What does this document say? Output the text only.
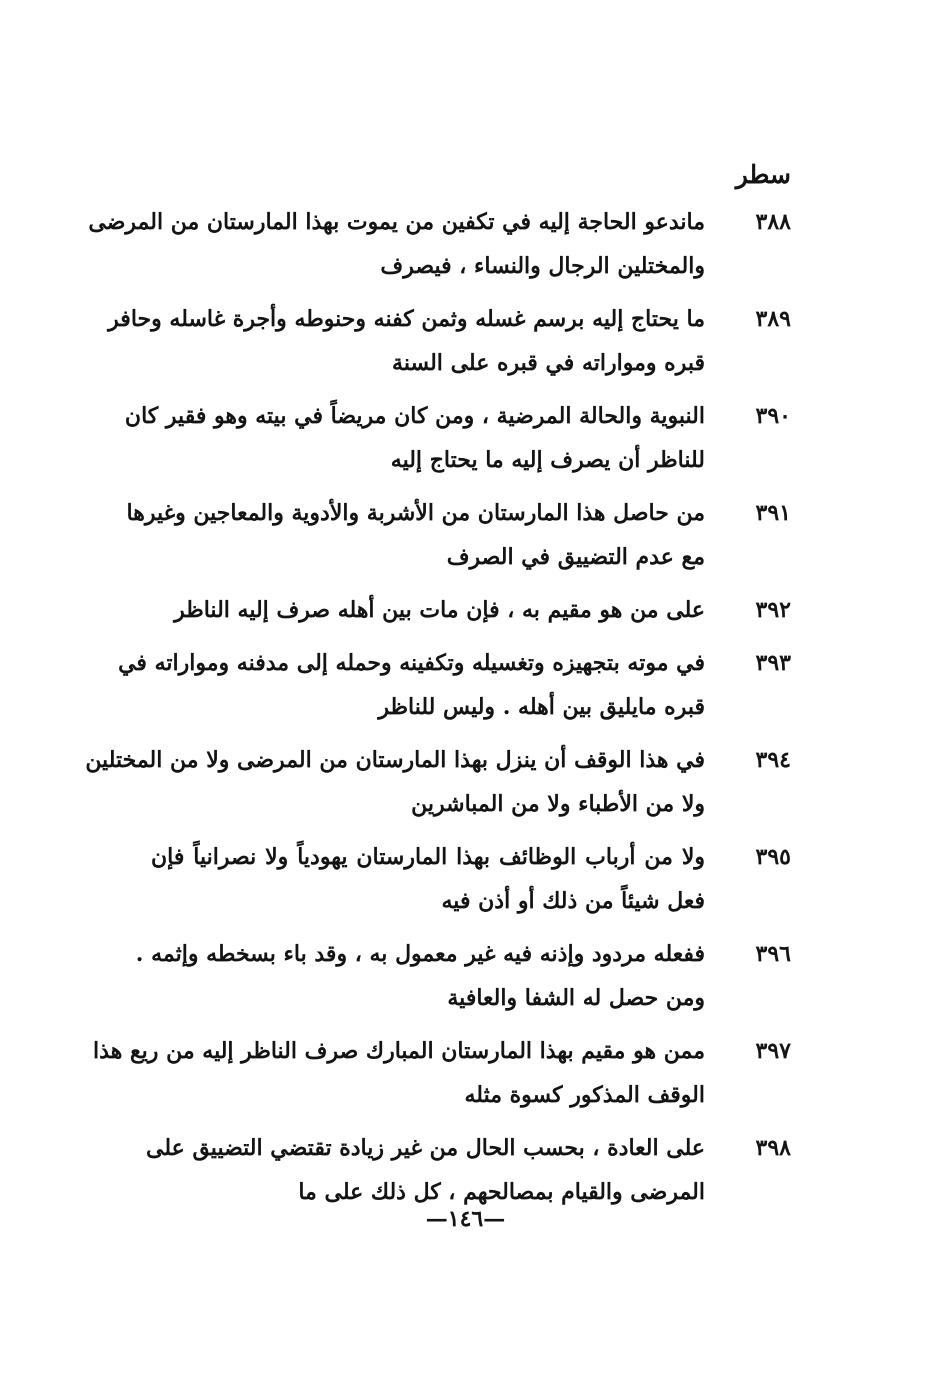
سطر
٣٨٨
ماندعو الحاجة إليه في تكفين من يموت بهذا المارستان من المرضى
والمختلين الرجال والنساء ، فيصرف
٣٨٩
ما يحتاج إليه برسم غسله وثمن كفنه وحنوطه وأجرة غاسله وحافر
قبره ومواراته في قبره على السنة
٣٩٠
النبوية والحالة المرضية ، ومن كان مريضاً في بيته وهو فقير كان
للناظر أن يصرف إليه ما يحتاج إليه
٣٩١
من حاصل هذا المارستان من الأشربة والأدوية والمعاجين وغيرها
مع عدم التضييق في الصرف
٣٩٢
على من هو مقيم به ، فإن مات بين أهله صرف إليه الناظر
٣٩٣
في موته بتجهيزه وتغسيله وتكفينه وحمله إلى مدفنه ومواراته في
قبره مايليق بين أهله . وليس للناظر
٣٩٤
في هذا الوقف أن ينزل بهذا المارستان من المرضى ولا من المختلين
ولا من الأطباء ولا من المباشرين
٣٩٥
ولا من أرباب الوظائف بهذا المارستان يهودياً ولا نصرانياً فإن
فعل شيئاً من ذلك أو أذن فيه
٣٩٦
ففعله مردود وإذنه فيه غير معمول به ، وقد باء بسخطه وإثمه .
ومن حصل له الشفا والعافية
٣٩٧
ممن هو مقيم بهذا المارستان المبارك صرف الناظر إليه من ريع هذا
الوقف المذكور كسوة مثله
٣٩٨
على العادة ، بحسب الحال من غير زيادة تقتضي التضييق على
المرضى والقيام بمصالحهم ، كل ذلك على ما
—١٤٦—
